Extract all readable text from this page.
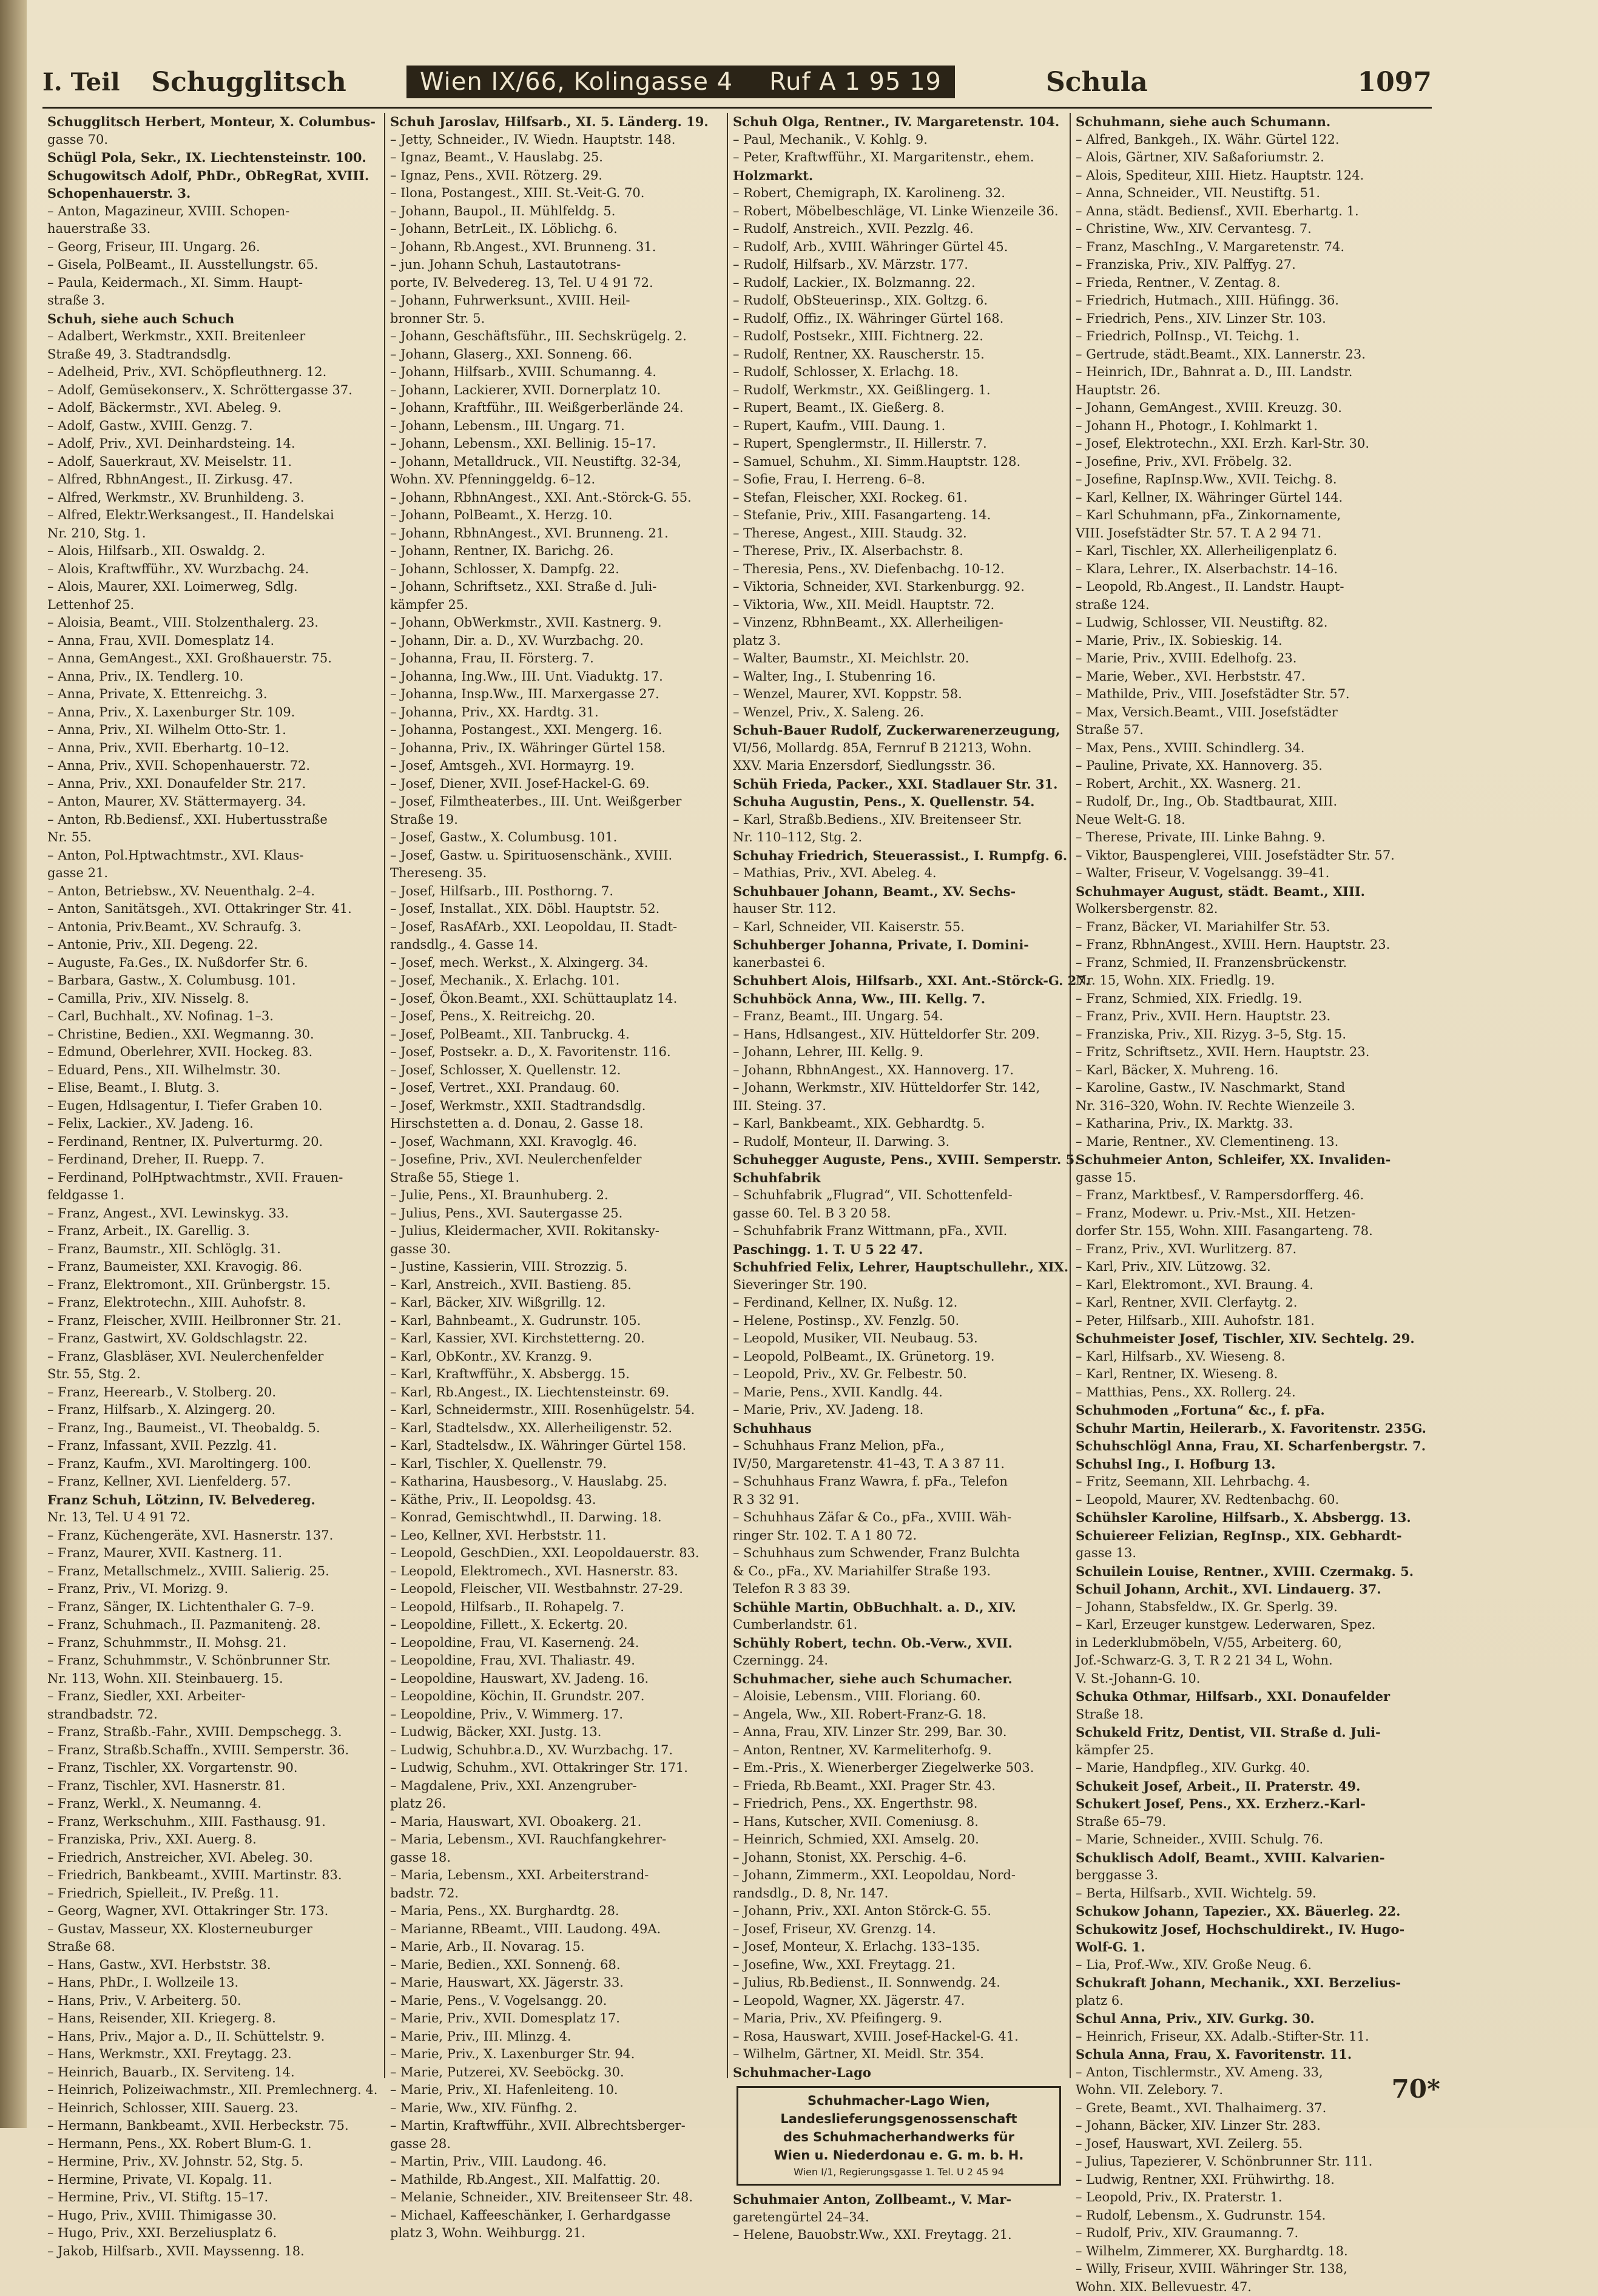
I. Teil	Schugglitsch	Wien IX/66, Kolingasse 4 Ruf A 1 95 19	Schula	1097
Schugglitsch Herbert, Monteur, X. Columbus-
gasse 70.
Schügl Pola, Sekr., IX. Liechtensteinstr. 100.
Schugowitsch Adolf, PhDr., ObRegRat, XVIII.
Schopenhauerstr. 3.
– Anton, Magazineur, XVIII. Schopen-
hauerstraße 33.
– Georg, Friseur, III. Ungarg. 26.
– Gisela, PolBeamt., II. Ausstellungstr. 65.
– Paula, Keidermach., XI. Simm. Haupt-
straße 3.
Schuh, siehe auch Schuch
– Adalbert, Werkmstr., XXII. Breitenleer
Straße 49, 3. Stadtrandsdlg.
– Adelheid, Priv., XVI. Schöpfleuthnerg. 12.
– Adolf, Gemüsekonserv., X. Schröttergasse 37.
– Adolf, Bäckermstr., XVI. Abeleg. 9.
– Adolf, Gastw., XVIII. Genzg. 7.
– Adolf, Priv., XVI. Deinhardsteing. 14.
– Adolf, Sauerkraut, XV. Meiselstr. 11.
– Alfred, RbhnAngest., II. Zirkusg. 47.
– Alfred, Werkmstr., XV. Brunhildeng. 3.
– Alfred, Elektr.Werksangest., II. Handelskai
Nr. 210, Stg. 1.
– Alois, Hilfsarb., XII. Oswaldg. 2.
– Alois, Kraftwfführ., XV. Wurzbachg. 24.
– Alois, Maurer, XXI. Loimerweg, Sdlg.
Lettenhof 25.
– Aloisia, Beamt., VIII. Stolzenthalerg. 23.
– Anna, Frau, XVII. Domesplatz 14.
– Anna, GemAngest., XXI. Großhauerstr. 75.
– Anna, Priv., IX. Tendlerg. 10.
– Anna, Private, X. Ettenreichg. 3.
– Anna, Priv., X. Laxenburger Str. 109.
– Anna, Priv., XI. Wilhelm Otto-Str. 1.
– Anna, Priv., XVII. Eberhartg. 10–12.
– Anna, Priv., XVII. Schopenhauerstr. 72.
– Anna, Priv., XXI. Donaufelder Str. 217.
– Anton, Maurer, XV. Stättermayerg. 34.
– Anton, Rb.Bediensf., XXI. Hubertusstraße
Nr. 55.
– Anton, Pol.Hptwachtmstr., XVI. Klaus-
gasse 21.
– Anton, Betriebsw., XV. Neuenthalg. 2–4.
– Anton, Sanitätsgeh., XVI. Ottakringer Str. 41.
– Antonia, Priv.Beamt., XV. Schraufg. 3.
– Antonie, Priv., XII. Degeng. 22.
– Auguste, Fa.Ges., IX. Nußdorfer Str. 6.
– Barbara, Gastw., X. Columbusg. 101.
– Camilla, Priv., XIV. Nisselg. 8.
– Carl, Buchhalt., XV. Nofinag. 1–3.
– Christine, Bedien., XXI. Wegmanng. 30.
– Edmund, Oberlehrer, XVII. Hockeg. 83.
– Eduard, Pens., XII. Wilhelmstr. 30.
– Elise, Beamt., I. Blutg. 3.
– Eugen, Hdlsagentur, I. Tiefer Graben 10.
– Felix, Lackier., XV. Jadeng. 16.
– Ferdinand, Rentner, IX. Pulverturmg. 20.
– Ferdinand, Dreher, II. Ruepp. 7.
– Ferdinand, PolHptwachtmstr., XVII. Frauen-
feldgasse 1.
– Franz, Angest., XVI. Lewinskyg. 33.
– Franz, Arbeit., IX. Garellig. 3.
– Franz, Baumstr., XII. Schlöglg. 31.
– Franz, Baumeister, XXI. Kravogig. 86.
– Franz, Elektromont., XII. Grünbergstr. 15.
– Franz, Elektrotechn., XIII. Auhofstr. 8.
– Franz, Fleischer, XVIII. Heilbronner Str. 21.
– Franz, Gastwirt, XV. Goldschlagstr. 22.
– Franz, Glasbläser, XVI. Neulerchenfelder
Str. 55, Stg. 2.
– Franz, Heerearb., V. Stolberg. 20.
– Franz, Hilfsarb., X. Alzingerg. 20.
– Franz, Ing., Baumeist., VI. Theobaldg. 5.
– Franz, Infassant, XVII. Pezzlg. 41.
– Franz, Kaufm., XVI. Maroltingerg. 100.
– Franz, Kellner, XVI. Lienfelderg. 57.
Franz Schuh, Lötzinn, IV. Belvedereg.
Nr. 13, Tel. U 4 91 72.
– Franz, Küchengeräte, XVI. Hasnerstr. 137.
– Franz, Maurer, XVII. Kastnerg. 11.
– Franz, Metallschmelz., XVIII. Salierig. 25.
– Franz, Priv., VI. Morizg. 9.
– Franz, Sänger, IX. Lichtenthaler G. 7–9.
– Franz, Schuhmach., II. Pazmanitenġ. 28.
– Franz, Schuhmmstr., II. Mohsg. 21.
– Franz, Schuhmmstr., V. Schönbrunner Str.
Nr. 113, Wohn. XII. Steinbauerg. 15.
– Franz, Siedler, XXI. Arbeiter-
strandbadstr. 72.
– Franz, Straßb.-Fahr., XVIII. Dempschegg. 3.
– Franz, Straßb.Schaffn., XVIII. Semperstr. 36.
– Franz, Tischler, XX. Vorgartenstr. 90.
– Franz, Tischler, XVI. Hasnerstr. 81.
– Franz, Werkl., X. Neumanng. 4.
– Franz, Werkschuhm., XIII. Fasthausg. 91.
– Franziska, Priv., XXI. Auerg. 8.
– Friedrich, Anstreicher, XVI. Abeleg. 30.
– Friedrich, Bankbeamt., XVIII. Martinstr. 83.
– Friedrich, Spielleit., IV. Preßg. 11.
– Georg, Wagner, XVI. Ottakringer Str. 173.
– Gustav, Masseur, XX. Klosterneuburger
Straße 68.
– Hans, Gastw., XVI. Herbststr. 38.
– Hans, PhDr., I. Wollzeile 13.
– Hans, Priv., V. Arbeiterg. 50.
– Hans, Reisender, XII. Kriegerg. 8.
– Hans, Priv., Major a. D., II. Schüttelstr. 9.
– Hans, Werkmstr., XXI. Freytagg. 23.
– Heinrich, Bauarb., IX. Serviteng. 14.
– Heinrich, Polizeiwachmstr., XII. Premlechnerg. 4.
– Heinrich, Schlosser, XIII. Sauerg. 23.
– Hermann, Bankbeamt., XVII. Herbeckstr. 75.
– Hermann, Pens., XX. Robert Blum-G. 1.
– Hermine, Priv., XV. Johnstr. 52, Stg. 5.
– Hermine, Private, VI. Kopalg. 11.
– Hermine, Priv., VI. Stiftg. 15–17.
– Hugo, Priv., XVIII. Thimigasse 30.
– Hugo, Priv., XXI. Berzeliusplatz 6.
– Jakob, Hilfsarb., XVII. Mayssenng. 18.
Schuh Jaroslav, Hilfsarb., XI. 5. Länderg. 19.
– Jetty, Schneider., IV. Wiedn. Hauptstr. 148.
– Ignaz, Beamt., V. Hauslabg. 25.
– Ignaz, Pens., XVII. Rötzerg. 29.
– Ilona, Postangest., XIII. St.-Veit-G. 70.
– Johann, Baupol., II. Mühlfeldg. 5.
– Johann, BetrLeit., IX. Löblichg. 6.
– Johann, Rb.Angest., XVI. Brunneng. 31.
– jun. Johann Schuh, Lastautotrans-
porte, IV. Belvedereg. 13, Tel. U 4 91 72.
– Johann, Fuhrwerksunt., XVIII. Heil-
bronner Str. 5.
– Johann, Geschäftsführ., III. Sechskrügelg. 2.
– Johann, Glaserg., XXI. Sonneng. 66.
– Johann, Hilfsarb., XVIII. Schumanng. 4.
– Johann, Lackierer, XVII. Dornerplatz 10.
– Johann, Kraftführ., III. Weißgerberlände 24.
– Johann, Lebensm., III. Ungarg. 71.
– Johann, Lebensm., XXI. Bellinig. 15–17.
– Johann, Metalldruck., VII. Neustiftg. 32-34,
Wohn. XV. Pfenninggeldg. 6–12.
– Johann, RbhnAngest., XXI. Ant.-Störck-G. 55.
– Johann, PolBeamt., X. Herzg. 10.
– Johann, RbhnAngest., XVI. Brunneng. 21.
– Johann, Rentner, IX. Barichg. 26.
– Johann, Schlosser, X. Dampfg. 22.
– Johann, Schriftsetz., XXI. Straße d. Juli-
kämpfer 25.
– Johann, ObWerkmstr., XVII. Kastnerg. 9.
– Johann, Dir. a. D., XV. Wurzbachg. 20.
– Johanna, Frau, II. Försterg. 7.
– Johanna, Ing.Ww., III. Unt. Viaduktg. 17.
– Johanna, Insp.Ww., III. Marxergasse 27.
– Johanna, Priv., XX. Hardtg. 31.
– Johanna, Postangest., XXI. Mengerg. 16.
– Johanna, Priv., IX. Währinger Gürtel 158.
– Josef, Amtsgeh., XVI. Hormayrg. 19.
– Josef, Diener, XVII. Josef-Hackel-G. 69.
– Josef, Filmtheaterbes., III. Unt. Weißgerber
Straße 19.
– Josef, Gastw., X. Columbusg. 101.
– Josef, Gastw. u. Spirituosenschänk., XVIII.
Thereseng. 35.
– Josef, Hilfsarb., III. Posthorng. 7.
– Josef, Installat., XIX. Döbl. Hauptstr. 52.
– Josef, RasAfArb., XXI. Leopoldau, II. Stadt-
randsdlg., 4. Gasse 14.
– Josef, mech. Werkst., X. Alxingerg. 34.
– Josef, Mechanik., X. Erlachg. 101.
– Josef, Ökon.Beamt., XXI. Schüttauplatz 14.
– Josef, Pens., X. Reitreichg. 20.
– Josef, PolBeamt., XII. Tanbruckg. 4.
– Josef, Postsekr. a. D., X. Favoritenstr. 116.
– Josef, Schlosser, X. Quellenstr. 12.
– Josef, Vertret., XXI. Prandaug. 60.
– Josef, Werkmstr., XXII. Stadtrandsdlg.
Hirschstetten a. d. Donau, 2. Gasse 18.
– Josef, Wachmann, XXI. Kravoglg. 46.
– Josefine, Priv., XVI. Neulerchenfelder
Straße 55, Stiege 1.
– Julie, Pens., XI. Braunhuberg. 2.
– Julius, Pens., XVI. Sautergasse 25.
– Julius, Kleidermacher, XVII. Rokitansky-
gasse 30.
– Justine, Kassierin, VIII. Strozzig. 5.
– Karl, Anstreich., XVII. Bastieng. 85.
– Karl, Bäcker, XIV. Wißgrillg. 12.
– Karl, Bahnbeamt., X. Gudrunstr. 105.
– Karl, Kassier, XVI. Kirchstetterng. 20.
– Karl, ObKontr., XV. Kranzg. 9.
– Karl, Kraftwfführ., X. Absbergg. 15.
– Karl, Rb.Angest., IX. Liechtensteinstr. 69.
– Karl, Schneidermstr., XIII. Rosenhügelstr. 54.
– Karl, Stadtelsdw., XX. Allerheiligenstr. 52.
– Karl, Stadtelsdw., IX. Währinger Gürtel 158.
– Karl, Tischler, X. Quellenstr. 79.
– Katharina, Hausbesorg., V. Hauslabg. 25.
– Käthe, Priv., II. Leopoldsg. 43.
– Konrad, Gemischtwhdl., II. Darwing. 18.
– Leo, Kellner, XVI. Herbststr. 11.
– Leopold, GeschDien., XXI. Leopoldauerstr. 83.
– Leopold, Elektromech., XVI. Hasnerstr. 83.
– Leopold, Fleischer, VII. Westbahnstr. 27-29.
– Leopold, Hilfsarb., II. Rohapelg. 7.
– Leopoldine, Fillett., X. Eckertg. 20.
– Leopoldine, Frau, VI. Kasernenġ. 24.
– Leopoldine, Frau, XVI. Thaliastr. 49.
– Leopoldine, Hauswart, XV. Jadeng. 16.
– Leopoldine, Köchin, II. Grundstr. 207.
– Leopoldine, Priv., V. Wimmerg. 17.
– Ludwig, Bäcker, XXI. Justg. 13.
– Ludwig, Schuhbr.a.D., XV. Wurzbachg. 17.
– Ludwig, Schuhm., XVI. Ottakringer Str. 171.
– Magdalene, Priv., XXI. Anzengruber-
platz 26.
– Maria, Hauswart, XVI. Oboakerg. 21.
– Maria, Lebensm., XVI. Rauchfangkehrer-
gasse 18.
– Maria, Lebensm., XXI. Arbeiterstrand-
badstr. 72.
– Maria, Pens., XX. Burghardtg. 28.
– Marianne, RBeamt., VIII. Laudong. 49A.
– Marie, Arb., II. Novarag. 15.
– Marie, Bedien., XXI. Sonnenġ. 68.
– Marie, Hauswart, XX. Jägerstr. 33.
– Marie, Pens., V. Vogelsangg. 20.
– Marie, Priv., XVII. Domesplatz 17.
– Marie, Priv., III. Mlinzg. 4.
– Marie, Priv., X. Laxenburger Str. 94.
– Marie, Putzerei, XV. Seeböckg. 30.
– Marie, Priv., XI. Hafenleiteng. 10.
– Marie, Ww., XIV. Fünfhg. 2.
– Martin, Kraftwfführ., XVII. Albrechtsberger-
gasse 28.
– Martin, Priv., VIII. Laudong. 46.
– Mathilde, Rb.Angest., XII. Malfattig. 20.
– Melanie, Schneider., XIV. Breitenseer Str. 48.
– Michael, Kaffeeschänker, I. Gerhardgasse
platz 3, Wohn. Weihburgg. 21.
Schuh Olga, Rentner., IV. Margaretenstr. 104.
– Paul, Mechanik., V. Kohlg. 9.
– Peter, Kraftwfführ., XI. Margaritenstr., ehem.
Holzmarkt.
– Robert, Chemigraph, IX. Karolineng. 32.
– Robert, Möbelbeschläge, VI. Linke Wienzeile 36.
– Rudolf, Anstreich., XVII. Pezzlg. 46.
– Rudolf, Arb., XVIII. Währinger Gürtel 45.
– Rudolf, Hilfsarb., XV. Märzstr. 177.
– Rudolf, Lackier., IX. Bolzmanng. 22.
– Rudolf, ObSteuerinsp., XIX. Goltzg. 6.
– Rudolf, Offiz., IX. Währinger Gürtel 168.
– Rudolf, Postsekr., XIII. Fichtnerg. 22.
– Rudolf, Rentner, XX. Rauscherstr. 15.
– Rudolf, Schlosser, X. Erlachg. 18.
– Rudolf, Werkmstr., XX. Geißlingerg. 1.
– Rupert, Beamt., IX. Gießerg. 8.
– Rupert, Kaufm., VIII. Daung. 1.
– Rupert, Spenglermstr., II. Hillerstr. 7.
– Samuel, Schuhm., XI. Simm.Hauptstr. 128.
– Sofie, Frau, I. Herreng. 6–8.
– Stefan, Fleischer, XXI. Rockeg. 61.
– Stefanie, Priv., XIII. Fasangarteng. 14.
– Therese, Angest., XIII. Staudg. 32.
– Therese, Priv., IX. Alserbachstr. 8.
– Theresia, Pens., XV. Diefenbachg. 10-12.
– Viktoria, Schneider, XVI. Starkenburgg. 92.
– Viktoria, Ww., XII. Meidl. Hauptstr. 72.
– Vinzenz, RbhnBeamt., XX. Allerheiligen-
platz 3.
– Walter, Baumstr., XI. Meichlstr. 20.
– Walter, Ing., I. Stubenring 16.
– Wenzel, Maurer, XVI. Koppstr. 58.
– Wenzel, Priv., X. Saleng. 26.
Schuh-Bauer Rudolf, Zuckerwarenerzeugung,
VI/56, Mollardg. 85A, Fernruf B 21213, Wohn.
XXV. Maria Enzersdorf, Siedlungsstr. 36.
Schüh Frieda, Packer., XXI. Stadlauer Str. 31.
Schuha Augustin, Pens., X. Quellenstr. 54.
– Karl, Straßb.Bediens., XIV. Breitenseer Str.
Nr. 110–112, Stg. 2.
Schuhay Friedrich, Steuerassist., I. Rumpfg. 6.
– Mathias, Priv., XVI. Abeleg. 4.
Schuhbauer Johann, Beamt., XV. Sechs-
hauser Str. 112.
– Karl, Schneider, VII. Kaiserstr. 55.
Schuhberger Johanna, Private, I. Domini-
kanerbastei 6.
Schuhbert Alois, Hilfsarb., XXI. Ant.-Störck-G. 27.
Schuhböck Anna, Ww., III. Kellg. 7.
– Franz, Beamt., III. Ungarg. 54.
– Hans, Hdlsangest., XIV. Hütteldorfer Str. 209.
– Johann, Lehrer, III. Kellg. 9.
– Johann, RbhnAngest., XX. Hannoverg. 17.
– Johann, Werkmstr., XIV. Hütteldorfer Str. 142,
III. Steing. 37.
– Karl, Bankbeamt., XIX. Gebhardtg. 5.
– Rudolf, Monteur, II. Darwing. 3.
Schuhegger Auguste, Pens., XVIII. Semperstr. 5.
Schuhfabrik
– Schuhfabrik „Flugrad“, VII. Schottenfeld-
gasse 60. Tel. B 3 20 58.
– Schuhfabrik Franz Wittmann, pFa., XVII.
Paschingg. 1. T. U 5 22 47.
Schuhfried Felix, Lehrer, Hauptschullehr., XIX.
Sieveringer Str. 190.
– Ferdinand, Kellner, IX. Nußg. 12.
– Helene, Postinsp., XV. Fenzlg. 50.
– Leopold, Musiker, VII. Neubaug. 53.
– Leopold, PolBeamt., IX. Grünetorg. 19.
– Leopold, Priv., XV. Gr. Felbestr. 50.
– Marie, Pens., XVII. Kandlg. 44.
– Marie, Priv., XV. Jadeng. 18.
Schuhhaus
– Schuhhaus Franz Melion, pFa.,
IV/50, Margaretenstr. 41–43, T. A 3 87 11.
– Schuhhaus Franz Wawra, f. pFa., Telefon
R 3 32 91.
– Schuhhaus Zäfar & Co., pFa., XVIII. Wäh-
ringer Str. 102. T. A 1 80 72.
– Schuhhaus zum Schwender, Franz Bulchta
& Co., pFa., XV. Mariahilfer Straße 193.
Telefon R 3 83 39.
Schühle Martin, ObBuchhalt. a. D., XIV.
Cumberlandstr. 61.
Schühly Robert, techn. Ob.-Verw., XVII.
Czerningg. 24.
Schuhmacher, siehe auch Schumacher.
– Aloisie, Lebensm., VIII. Floriang. 60.
– Angela, Ww., XII. Robert-Franz-G. 18.
– Anna, Frau, XIV. Linzer Str. 299, Bar. 30.
– Anton, Rentner, XV. Karmeliterhofg. 9.
– Em.-Pris., X. Wienerberger Ziegelwerke 503.
– Frieda, Rb.Beamt., XXI. Prager Str. 43.
– Friedrich, Pens., XX. Engerthstr. 98.
– Hans, Kutscher, XVII. Comeniusg. 8.
– Heinrich, Schmied, XXI. Amselg. 20.
– Johann, Stonist, XX. Perschig. 4–6.
– Johann, Zimmerm., XXI. Leopoldau, Nord-
randsdlg., D. 8, Nr. 147.
– Johann, Priv., XXI. Anton Störck-G. 55.
– Josef, Friseur, XV. Grenzg. 14.
– Josef, Monteur, X. Erlachg. 133–135.
– Josefine, Ww., XXI. Freytagg. 21.
– Julius, Rb.Bedienst., II. Sonnwendg. 24.
– Leopold, Wagner, XX. Jägerstr. 47.
– Maria, Priv., XV. Pfeifingerg. 9.
– Rosa, Hauswart, XVIII. Josef-Hackel-G. 41.
– Wilhelm, Gärtner, XI. Meidl. Str. 354.
Schuhmacher-Lago
Schuhmacher-Lago Wien,
Landeslieferungsgenossenschaft
des Schuhmacherhandwerks für
Wien u. Niederdonau e. G. m. b. H.
Wien I/1, Regierungsgasse 1. Tel. U 2 45 94
Schuhmaier Anton, Zollbeamt., V. Mar-
garetengürtel 24–34.
– Helene, Bauobstr.Ww., XXI. Freytagg. 21.
Schuhmann, siehe auch Schumann.
– Alfred, Bankgeh., IX. Währ. Gürtel 122.
– Alois, Gärtner, XIV. Saßaforiumstr. 2.
– Alois, Spediteur, XIII. Hietz. Hauptstr. 124.
– Anna, Schneider., VII. Neustiftg. 51.
– Anna, städt. Bediensf., XVII. Eberhartg. 1.
– Christine, Ww., XIV. Cervantesg. 7.
– Franz, MaschIng., V. Margaretenstr. 74.
– Franziska, Priv., XIV. Palffyg. 27.
– Frieda, Rentner., V. Zentag. 8.
– Friedrich, Hutmach., XIII. Hüfingg. 36.
– Friedrich, Pens., XIV. Linzer Str. 103.
– Friedrich, PolInsp., VI. Teichg. 1.
– Gertrude, städt.Beamt., XIX. Lannerstr. 23.
– Heinrich, IDr., Bahnrat a. D., III. Landstr.
Hauptstr. 26.
– Johann, GemAngest., XVIII. Kreuzg. 30.
– Johann H., Photogr., I. Kohlmarkt 1.
– Josef, Elektrotechn., XXI. Erzh. Karl-Str. 30.
– Josefine, Priv., XVI. Fröbelg. 32.
– Josefine, RapInsp.Ww., XVII. Teichg. 8.
– Karl, Kellner, IX. Währinger Gürtel 144.
– Karl Schuhmann, pFa., Zinkornamente,
VIII. Josefstädter Str. 57. T. A 2 94 71.
– Karl, Tischler, XX. Allerheiligenplatz 6.
– Klara, Lehrer., IX. Alserbachstr. 14–16.
– Leopold, Rb.Angest., II. Landstr. Haupt-
straße 124.
– Ludwig, Schlosser, VII. Neustiftg. 82.
– Marie, Priv., IX. Sobieskig. 14.
– Marie, Priv., XVIII. Edelhofg. 23.
– Marie, Weber., XVI. Herbststr. 47.
– Mathilde, Priv., VIII. Josefstädter Str. 57.
– Max, Versich.Beamt., VIII. Josefstädter
Straße 57.
– Max, Pens., XVIII. Schindlerg. 34.
– Pauline, Private, XX. Hannoverg. 35.
– Robert, Archit., XX. Wasnerg. 21.
– Rudolf, Dr., Ing., Ob. Stadtbaurat, XIII.
Neue Welt-G. 18.
– Therese, Private, III. Linke Bahng. 9.
– Viktor, Bauspenglerei, VIII. Josefstädter Str. 57.
– Walter, Friseur, V. Vogelsangg. 39–41.
Schuhmayer August, städt. Beamt., XIII.
Wolkersbergenstr. 82.
– Franz, Bäcker, VI. Mariahilfer Str. 53.
– Franz, RbhnAngest., XVIII. Hern. Hauptstr. 23.
– Franz, Schmied, II. Franzensbrückenstr.
Nr. 15, Wohn. XIX. Friedlg. 19.
– Franz, Schmied, XIX. Friedlg. 19.
– Franz, Priv., XVII. Hern. Hauptstr. 23.
– Franziska, Priv., XII. Rizyg. 3–5, Stg. 15.
– Fritz, Schriftsetz., XVII. Hern. Hauptstr. 23.
– Karl, Bäcker, X. Muhreng. 16.
– Karoline, Gastw., IV. Naschmarkt, Stand
Nr. 316–320, Wohn. IV. Rechte Wienzeile 3.
– Katharina, Priv., IX. Marktg. 33.
– Marie, Rentner., XV. Clementineng. 13.
Schuhmeier Anton, Schleifer, XX. Invaliden-
gasse 15.
– Franz, Marktbesf., V. Rampersdorfferg. 46.
– Franz, Modewr. u. Priv.-Mst., XII. Hetzen-
dorfer Str. 155, Wohn. XIII. Fasangarteng. 78.
– Franz, Priv., XVI. Wurlitzerg. 87.
– Karl, Priv., XIV. Lützowg. 32.
– Karl, Elektromont., XVI. Braung. 4.
– Karl, Rentner, XVII. Clerfaytg. 2.
– Peter, Hilfsarb., XIII. Auhofstr. 181.
Schuhmeister Josef, Tischler, XIV. Sechtelg. 29.
– Karl, Hilfsarb., XV. Wieseng. 8.
– Karl, Rentner, IX. Wieseng. 8.
– Matthias, Pens., XX. Rollerg. 24.
Schuhmoden „Fortuna“ &c., f. pFa.
Schuhr Martin, Heilerarb., X. Favoritenstr. 235G.
Schuhschlögl Anna, Frau, XI. Scharfenbergstr. 7.
Schuhsl Ing., I. Hofburg 13.
– Fritz, Seemann, XII. Lehrbachg. 4.
– Leopold, Maurer, XV. Redtenbachg. 60.
Schühsler Karoline, Hilfsarb., X. Absbergg. 13.
Schuiereer Felizian, RegInsp., XIX. Gebhardt-
gasse 13.
Schuilein Louise, Rentner., XVIII. Czermakg. 5.
Schuil Johann, Archit., XVI. Lindauerg. 37.
– Johann, Stabsfeldw., IX. Gr. Sperlg. 39.
– Karl, Erzeuger kunstgew. Lederwaren, Spez.
in Lederklubmöbeln, V/55, Arbeiterg. 60,
Jof.-Schwarz-G. 3, T. R 2 21 34 L, Wohn.
V. St.-Johann-G. 10.
Schuka Othmar, Hilfsarb., XXI. Donaufelder
Straße 18.
Schukeld Fritz, Dentist, VII. Straße d. Juli-
kämpfer 25.
– Marie, Handpfleg., XIV. Gurkg. 40.
Schukeit Josef, Arbeit., II. Praterstr. 49.
Schukert Josef, Pens., XX. Erzherz.-Karl-
Straße 65–79.
– Marie, Schneider., XVIII. Schulg. 76.
Schuklisch Adolf, Beamt., XVIII. Kalvarien-
berggasse 3.
– Berta, Hilfsarb., XVII. Wichtelg. 59.
Schukow Johann, Tapezier., XX. Bäuerleg. 22.
Schukowitz Josef, Hochschuldirekt., IV. Hugo-
Wolf-G. 1.
– Lia, Prof.-Ww., XIV. Große Neug. 6.
Schukraft Johann, Mechanik., XXI. Berzelius-
platz 6.
Schul Anna, Priv., XIV. Gurkg. 30.
– Heinrich, Friseur, XX. Adalb.-Stifter-Str. 11.
Schula Anna, Frau, X. Favoritenstr. 11.
– Anton, Tischlermstr., XV. Ameng. 33,
Wohn. VII. Zelebory. 7.
– Grete, Beamt., XVI. Thalhaimerg. 37.
– Johann, Bäcker, XIV. Linzer Str. 283.
– Josef, Hauswart, XVI. Zeilerg. 55.
– Julius, Tapezierer, V. Schönbrunner Str. 111.
– Ludwig, Rentner, XXI. Frühwirthg. 18.
– Leopold, Priv., IX. Praterstr. 1.
– Rudolf, Lebensm., X. Gudrunstr. 154.
– Rudolf, Priv., XIV. Graumanng. 7.
– Wilhelm, Zimmerer, XX. Burghardtg. 18.
– Willy, Friseur, XVIII. Währinger Str. 138,
Wohn. XIX. Bellevuestr. 47.
70*
